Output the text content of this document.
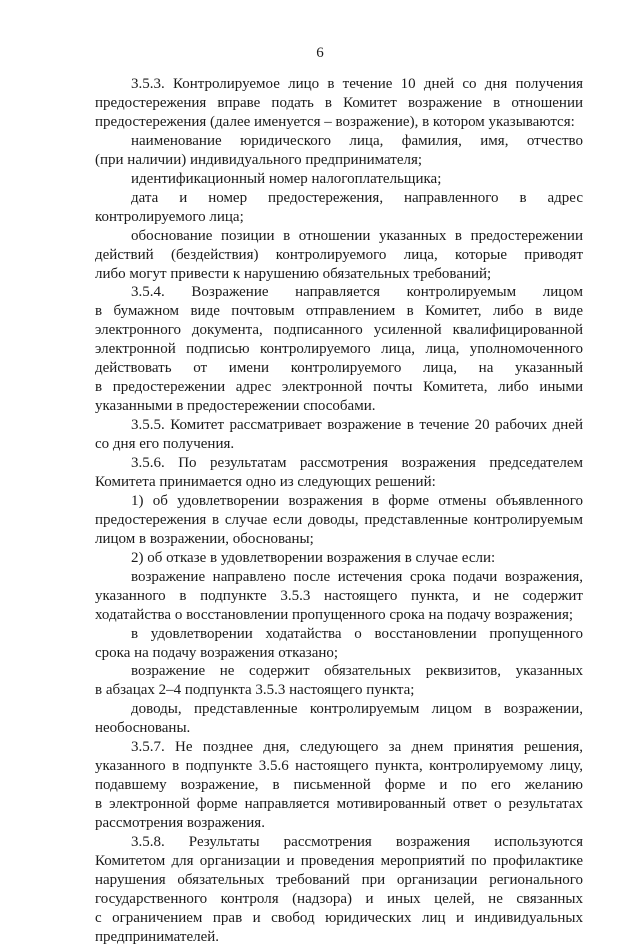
6
3.5.3. Контролируемое лицо в течение 10 дней со дня получения
предостережения вправе подать в Комитет возражение в отношении
предостережения (далее именуется – возражение), в котором указываются:
наименование юридического лица, фамилия, имя, отчество
(при наличии) индивидуального предпринимателя;
идентификационный номер налогоплательщика;
дата и номер предостережения, направленного в адрес
контролируемого лица;
обоснование позиции в отношении указанных в предостережении
действий (бездействия) контролируемого лица, которые приводят
либо могут привести к нарушению обязательных требований;
3.5.4. Возражение направляется контролируемым лицом
в бумажном виде почтовым отправлением в Комитет, либо в виде
электронного документа, подписанного усиленной квалифицированной
электронной подписью контролируемого лица, лица, уполномоченного
действовать от имени контролируемого лица, на указанный
в предостережении адрес электронной почты Комитета, либо иными
указанными в предостережении способами.
3.5.5. Комитет рассматривает возражение в течение 20 рабочих дней
со дня его получения.
3.5.6. По результатам рассмотрения возражения председателем
Комитета принимается одно из следующих решений:
1) об удовлетворении возражения в форме отмены объявленного
предостережения в случае если доводы, представленные контролируемым
лицом в возражении, обоснованы;
2) об отказе в удовлетворении возражения в случае если:
возражение направлено после истечения срока подачи возражения,
указанного в подпункте 3.5.3 настоящего пункта, и не содержит
ходатайства о восстановлении пропущенного срока на подачу возражения;
в удовлетворении ходатайства о восстановлении пропущенного
срока на подачу возражения отказано;
возражение не содержит обязательных реквизитов, указанных
в абзацах 2–4 подпункта 3.5.3 настоящего пункта;
доводы, представленные контролируемым лицом в возражении,
необоснованы.
3.5.7. Не позднее дня, следующего за днем принятия решения,
указанного в подпункте 3.5.6 настоящего пункта, контролируемому лицу,
подавшему возражение, в письменной форме и по его желанию
в электронной форме направляется мотивированный ответ о результатах
рассмотрения возражения.
3.5.8. Результаты рассмотрения возражения используются
Комитетом для организации и проведения мероприятий по профилактике
нарушения обязательных требований при организации регионального
государственного контроля (надзора) и иных целей, не связанных
с ограничением прав и свобод юридических лиц и индивидуальных
предпринимателей.
